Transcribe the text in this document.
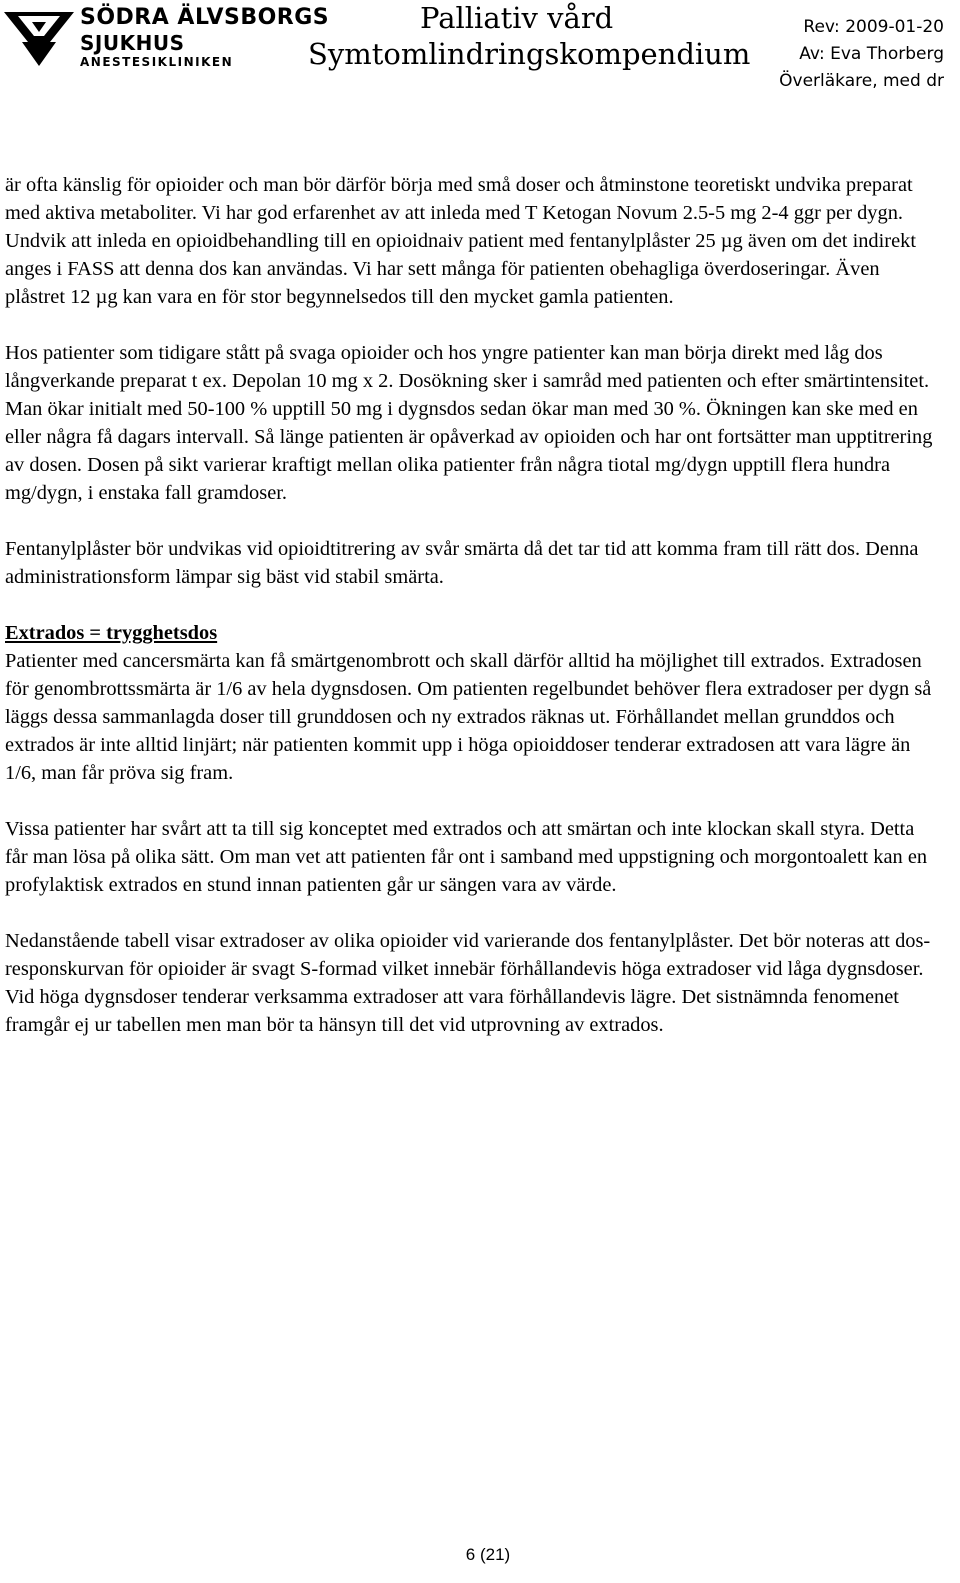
SÖDRA ÄLVSBORGS
SJUKHUS
ANESTESIKLINIKEN
Palliativ vård
Symtomlindringskompendium
Rev: 2009-01-20
Av: Eva Thorberg
Överläkare, med dr

är ofta känslig för opioider och man bör därför börja med små doser och åtminstone teoretiskt undvika preparat med aktiva metaboliter. Vi har god erfarenhet av att inleda med T Ketogan Novum 2.5-5 mg 2-4 ggr per dygn. Undvik att inleda en opioidbehandling till en opioidnaiv patient med fentanylplåster 25 µg även om det indirekt anges i FASS att denna dos kan användas. Vi har sett många för patienten obehagliga överdoseringar. Även plåstret 12 µg kan vara en för stor begynnelsedos till den mycket gamla patienten.

Hos patienter som tidigare stått på svaga opioider och hos yngre patienter kan man börja direkt med låg dos långverkande preparat t ex. Depolan 10 mg x 2. Dosökning sker i samråd med patienten och efter smärtintensitet. Man ökar initialt med 50-100 % upptill 50 mg i dygnsdos sedan ökar man med 30 %. Ökningen kan ske med en eller några få dagars intervall. Så länge patienten är opåverkad av opioiden och har ont fortsätter man upptitrering av dosen. Dosen på sikt varierar kraftigt mellan olika patienter från några tiotal mg/dygn upptill flera hundra mg/dygn, i enstaka fall gramdoser.

Fentanylplåster bör undvikas vid opioidtitrering av svår smärta då det tar tid att komma fram till rätt dos. Denna administrationsform lämpar sig bäst vid stabil smärta.

Extrados = trygghetsdos

Patienter med cancersmärta kan få smärtgenombrott och skall därför alltid ha möjlighet till extrados. Extradosen för genombrottssmärta är 1/6 av hela dygnsdosen. Om patienten regelbundet behöver flera extradoser per dygn så läggs dessa sammanlagda doser till grunddosen och ny extrados räknas ut. Förhållandet mellan grunddos och extrados är inte alltid linjärt; när patienten kommit upp i höga opioiddoser tenderar extradosen att vara lägre än 1/6, man får pröva sig fram.

Vissa patienter har svårt att ta till sig konceptet med extrados och att smärtan och inte klockan skall styra. Detta får man lösa på olika sätt. Om man vet att patienten får ont i samband med uppstigning och morgontoalett kan en profylaktisk extrados en stund innan patienten går ur sängen vara av värde.

Nedanstående tabell visar extradoser av olika opioider vid varierande dos fentanylplåster. Det bör noteras att dos-responskurvan för opioider är svagt S-formad vilket innebär förhållandevis höga extradoser vid låga dygnsdoser. Vid höga dygnsdoser tenderar verksamma extradoser att vara förhållandevis lägre. Det sistnämnda fenomenet framgår ej ur tabellen men man bör ta hänsyn till det vid utprovning av extrados.

6 (21)
